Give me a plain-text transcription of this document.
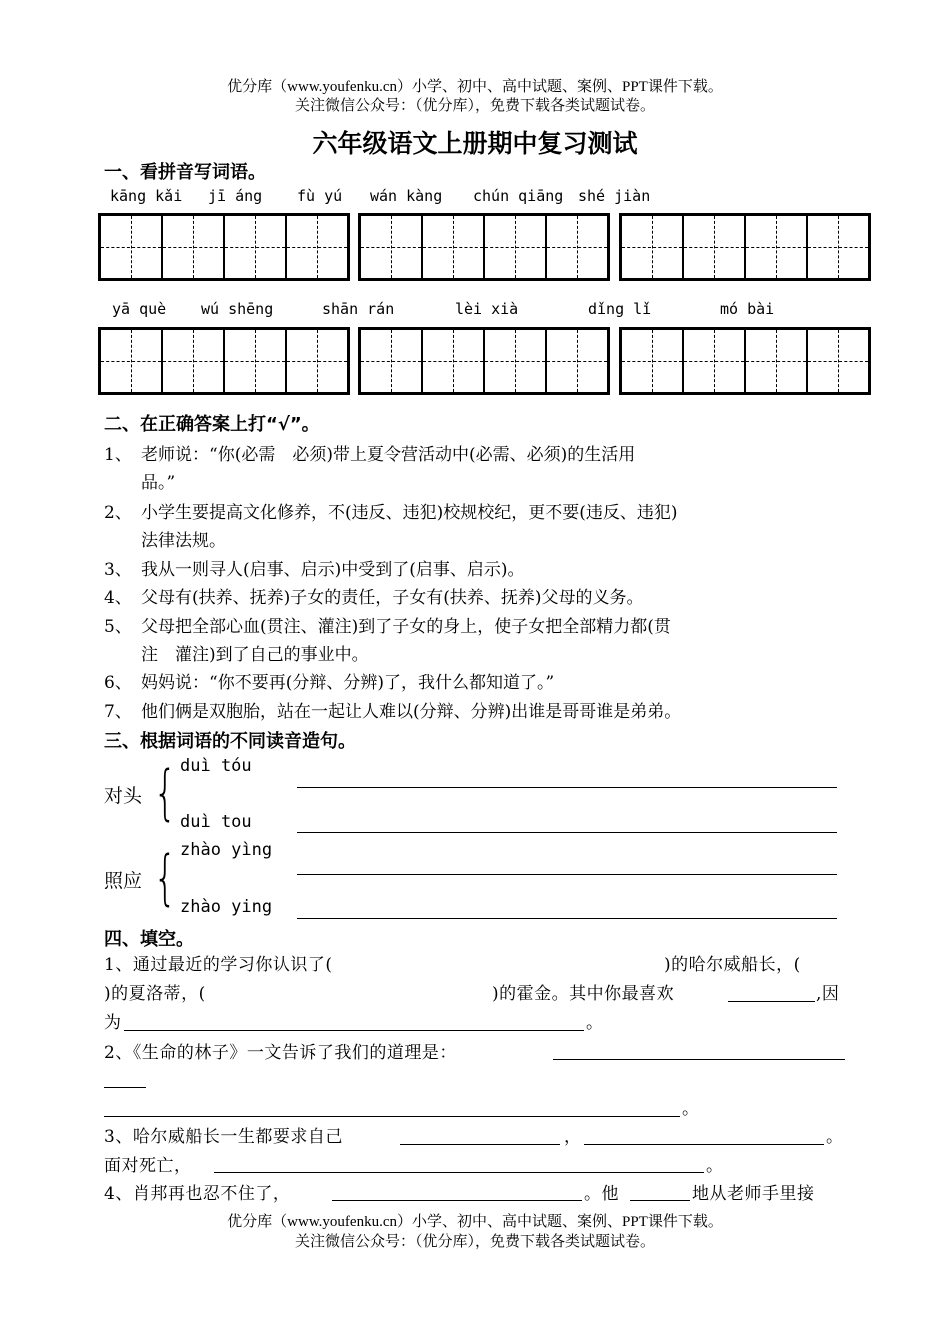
优分库（www.youfenku.cn）小学、初中、高中试题、案例、PPT课件下载。
关注微信公众号：（优分库），免费下载各类试题试卷。
六年级语文上册期中复习测试
一、看拼音写词语。
kāng kǎi jī áng fù yú wán kàng chún qiāng shé jiàn
yā què wú shēng	shān rán	lèi xià	dǐng lǐ	mó bài
二、在正确答案上打“√”。
1、 老师说：“你(必需　必须)带上夏令营活动中(必需、必须)的生活用
品。”
2、 小学生要提高文化修养，不(违反、违犯)校规校纪，更不要(违反、违犯)
法律法规。
3、 我从一则寻人(启事、启示)中受到了(启事、启示)。
4、 父母有(扶养、抚养)子女的责任，子女有(扶养、抚养)父母的义务。
5、 父母把全部心血(贯注、灌注)到了子女的身上，使子女把全部精力都(贯
注　灌注)到了自己的事业中。
6、 妈妈说：“你不要再(分辩、分辨)了，我什么都知道了。”
7、 他们俩是双胞胎，站在一起让人难以(分辩、分辨)出谁是哥哥谁是弟弟。
三、根据词语的不同读音造句。
对头 { duì tóu
duì tou
照应 { zhào yìng
zhào ying
四、填空。
1、通过最近的学习你认识了(	)的哈尔威船长，(
)的夏洛蒂，(	)的霍金。其中你最喜欢	,因
为	。
2、《生命的林子》一文告诉了我们的道理是：
。
3、哈尔威船长一生都要求自己	，	。
面对死亡，	。
4、肖邦再也忍不住了，	。他	地从老师手里接
优分库（www.youfenku.cn）小学、初中、高中试题、案例、PPT课件下载。
关注微信公众号：（优分库），免费下载各类试题试卷。
